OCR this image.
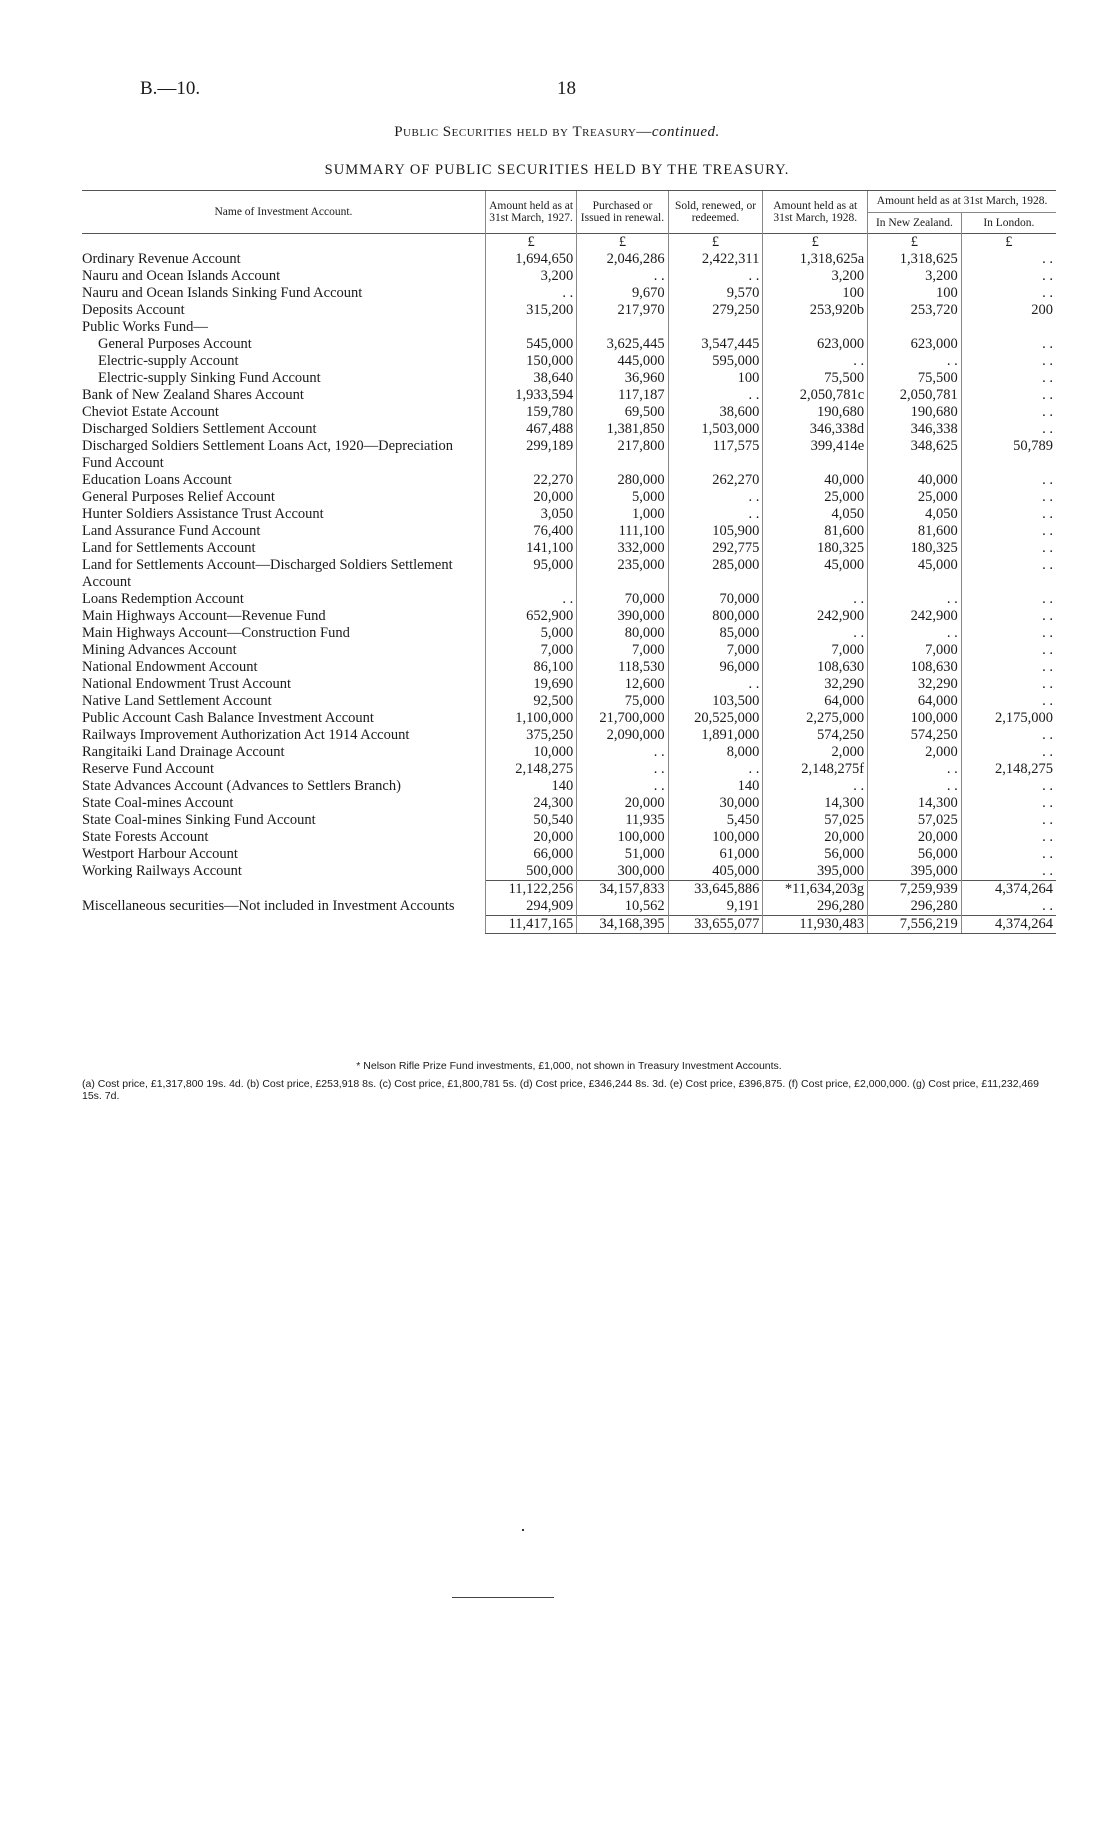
B.—10.	18
Public Securities held by Treasury—continued.
SUMMARY OF PUBLIC SECURITIES HELD BY THE TREASURY.
Name of Investment Account.	Amount held as at 31st March, 1927.	Purchased or Issued in renewal.	Sold, renewed, or redeemed.	Amount held as at 31st March, 1928.	Amount held as at 31st March, 1928.	
					In New Zealand.	In London.
	£	£	£	£	£	£
Ordinary Revenue Account	1,694,650	2,046,286	2,422,311	1,318,625a	1,318,625	. .
Nauru and Ocean Islands Account	3,200	. .	. .	3,200	3,200	. .
Nauru and Ocean Islands Sinking Fund Account	. .	9,670	9,570	100	100	. .
Deposits Account	315,200	217,970	279,250	253,920b	253,720	200
Public Works Fund—						
General Purposes Account	545,000	3,625,445	3,547,445	623,000	623,000	. .
Electric-supply Account	150,000	445,000	595,000	. .	. .	. .
Electric-supply Sinking Fund Account	38,640	36,960	100	75,500	75,500	. .
Bank of New Zealand Shares Account	1,933,594	117,187	. .	2,050,781c	2,050,781	. .
Cheviot Estate Account	159,780	69,500	38,600	190,680	190,680	. .
Discharged Soldiers Settlement Account	467,488	1,381,850	1,503,000	346,338d	346,338	. .
Discharged Soldiers Settlement Loans Act, 1920—Depreciation Fund Account	299,189	217,800	117,575	399,414e	348,625	50,789
Education Loans Account	22,270	280,000	262,270	40,000	40,000	. .
General Purposes Relief Account	20,000	5,000	. .	25,000	25,000	. .
Hunter Soldiers Assistance Trust Account	3,050	1,000	. .	4,050	4,050	. .
Land Assurance Fund Account	76,400	111,100	105,900	81,600	81,600	. .
Land for Settlements Account	141,100	332,000	292,775	180,325	180,325	. .
Land for Settlements Account—Discharged Soldiers Settlement Account	95,000	235,000	285,000	45,000	45,000	. .
Loans Redemption Account	. .	70,000	70,000	. .	. .	. .
Main Highways Account—Revenue Fund	652,900	390,000	800,000	242,900	242,900	. .
Main Highways Account—Construction Fund	5,000	80,000	85,000	. .	. .	. .
Mining Advances Account	7,000	7,000	7,000	7,000	7,000	. .
National Endowment Account	86,100	118,530	96,000	108,630	108,630	. .
National Endowment Trust Account	19,690	12,600	. .	32,290	32,290	. .
Native Land Settlement Account	92,500	75,000	103,500	64,000	64,000	. .
Public Account Cash Balance Investment Account	1,100,000	21,700,000	20,525,000	2,275,000	100,000	2,175,000
Railways Improvement Authorization Act 1914 Account	375,250	2,090,000	1,891,000	574,250	574,250	. .
Rangitaiki Land Drainage Account	10,000	. .	8,000	2,000	2,000	. .
Reserve Fund Account	2,148,275	. .	. .	2,148,275f	. .	2,148,275
State Advances Account (Advances to Settlers Branch)	140	. .	140	. .	. .	. .
State Coal-mines Account	24,300	20,000	30,000	14,300	14,300	. .
State Coal-mines Sinking Fund Account	50,540	11,935	5,450	57,025	57,025	. .
State Forests Account	20,000	100,000	100,000	20,000	20,000	. .
Westport Harbour Account	66,000	51,000	61,000	56,000	56,000	. .
Working Railways Account	500,000	300,000	405,000	395,000	395,000	. .
	11,122,256	34,157,833	33,645,886	*11,634,203g	7,259,939	4,374,264
Miscellaneous securities—Not included in Investment Accounts	294,909	10,562	9,191	296,280	296,280	. .
	11,417,165	34,168,395	33,655,077	11,930,483	7,556,219	4,374,264
* Nelson Rifle Prize Fund investments, £1,000, not shown in Treasury Investment Accounts.
(a) Cost price, £1,317,800 19s. 4d. (b) Cost price, £253,918 8s. (c) Cost price, £1,800,781 5s. (d) Cost price, £346,244 8s. 3d. (e) Cost price, £396,875. (f) Cost price, £2,000,000. (g) Cost price, £11,232,469 15s. 7d.
